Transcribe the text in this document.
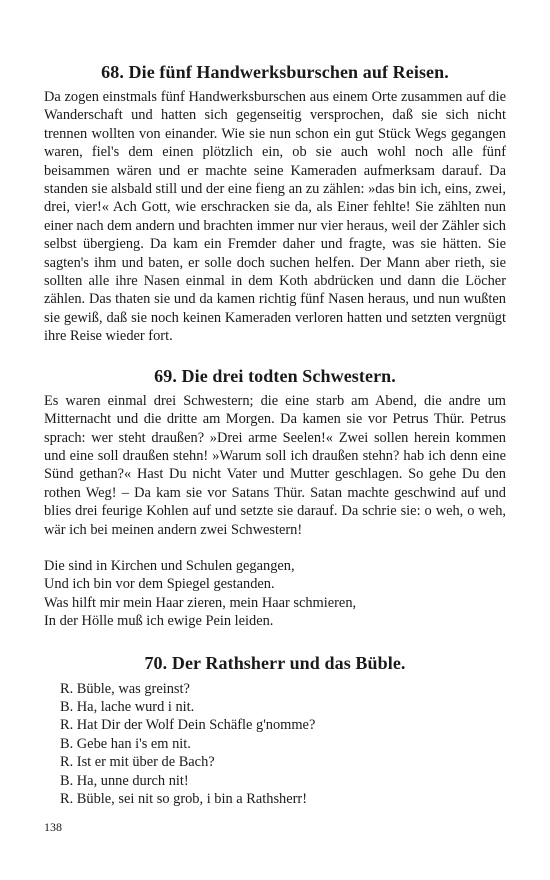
68. Die fünf Handwerksburschen auf Reisen.

Da zogen einstmals fünf Handwerksburschen aus einem Orte zusammen auf die Wanderschaft und hatten sich gegenseitig versprochen, daß sie sich nicht trennen wollten von einander. Wie sie nun schon ein gut Stück Wegs gegangen waren, fiel's dem einen plötzlich ein, ob sie auch wohl noch alle fünf beisammen wären und er machte seine Kameraden aufmerksam darauf. Da standen sie alsbald still und der eine fieng an zu zählen: »das bin ich, eins, zwei, drei, vier!« Ach Gott, wie erschracken sie da, als Einer fehlte! Sie zählten nun einer nach dem andern und brachten immer nur vier heraus, weil der Zähler sich selbst übergieng. Da kam ein Fremder daher und fragte, was sie hätten. Sie sagten's ihm und baten, er solle doch suchen helfen. Der Mann aber rieth, sie sollten alle ihre Nasen einmal in dem Koth abdrücken und dann die Löcher zählen. Das thaten sie und da kamen richtig fünf Nasen heraus, und nun wußten sie gewiß, daß sie noch keinen Kameraden verloren hatten und setzten vergnügt ihre Reise wieder fort.

69. Die drei todten Schwestern.

Es waren einmal drei Schwestern; die eine starb am Abend, die andre um Mitternacht und die dritte am Morgen. Da kamen sie vor Petrus Thür. Petrus sprach: wer steht draußen? »Drei arme Seelen!« Zwei sollen herein kommen und eine soll draußen stehn! »Warum soll ich draußen stehn? hab ich denn eine Sünd gethan?« Hast Du nicht Vater und Mutter geschlagen. So gehe Du den rothen Weg! – Da kam sie vor Satans Thür. Satan machte geschwind auf und blies drei feurige Kohlen auf und setzte sie darauf. Da schrie sie: o weh, o weh, wär ich bei meinen andern zwei Schwestern!

Die sind in Kirchen und Schulen gegangen,
Und ich bin vor dem Spiegel gestanden.
Was hilft mir mein Haar zieren, mein Haar schmieren,
In der Hölle muß ich ewige Pein leiden.
70. Der Rathsherr und das Büble.
R. Büble, was greinst?
B. Ha, lache wurd i nit.
R. Hat Dir der Wolf Dein Schäfle g'nomme?
B. Gebe han i's em nit.
R. Ist er mit über de Bach?
B. Ha, unne durch nit!
R. Büble, sei nit so grob, i bin a Rathsherr!
138
